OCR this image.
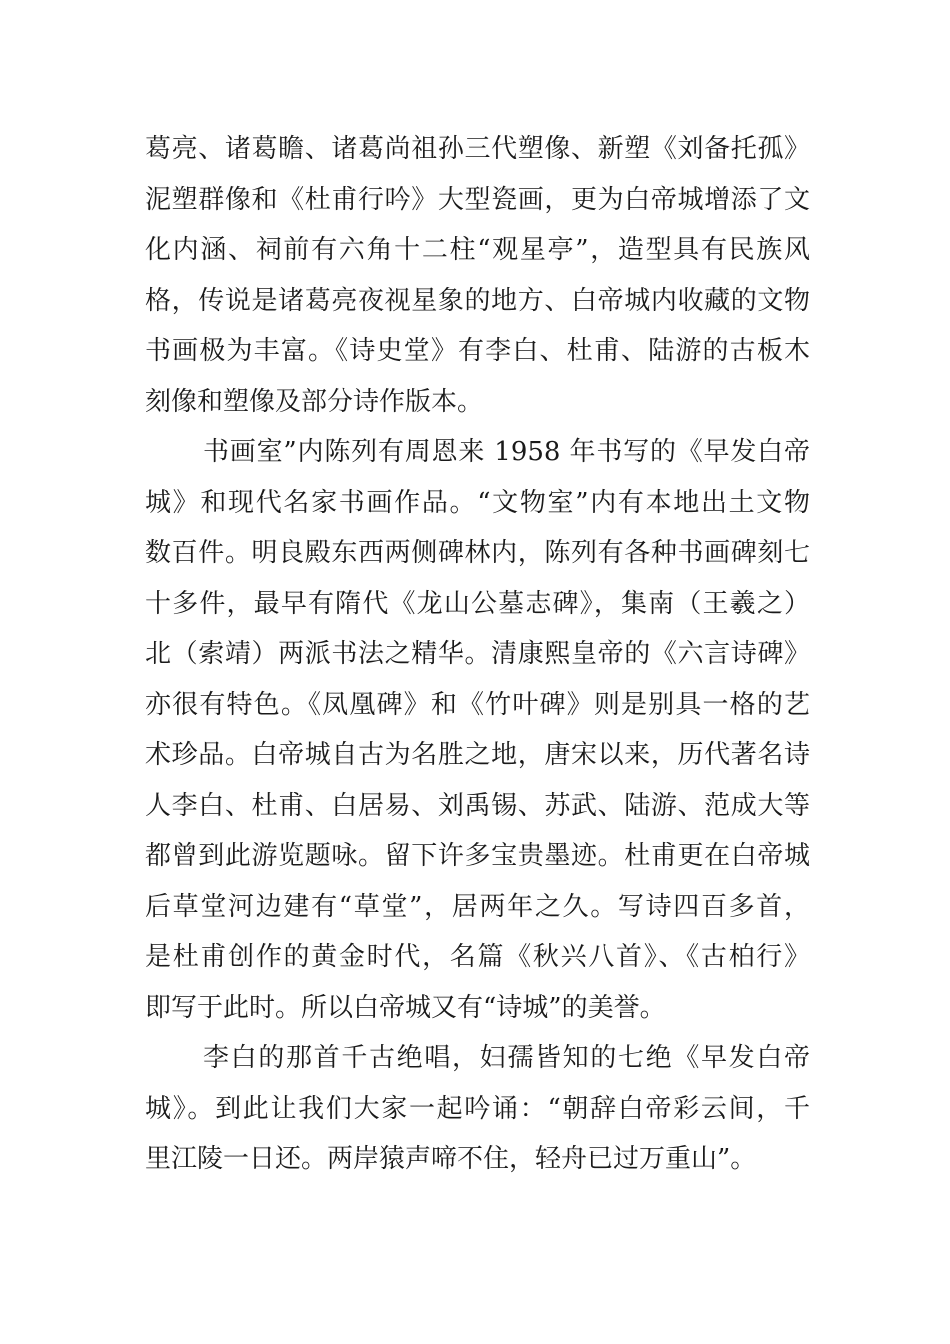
葛亮、诸葛瞻、诸葛尚祖孙三代塑像、新塑《刘备托孤》
泥塑群像和《杜甫行吟》大型瓷画，更为白帝城增添了文
化内涵、祠前有六角十二柱“观星亭”，造型具有民族风
格，传说是诸葛亮夜视星象的地方、白帝城内收藏的文物
书画极为丰富。《诗史堂》有李白、杜甫、陆游的古板木
刻像和塑像及部分诗作版本。
书画室”内陈列有周恩来 1958 年书写的《早发白帝
城》和现代名家书画作品。“文物室”内有本地出土文物
数百件。明良殿东西两侧碑林内，陈列有各种书画碑刻七
十多件，最早有隋代《龙山公墓志碑》，集南（王羲之）
北（索靖）两派书法之精华。清康熙皇帝的《六言诗碑》
亦很有特色。《凤凰碑》和《竹叶碑》则是别具一格的艺
术珍品。白帝城自古为名胜之地，唐宋以来，历代著名诗
人李白、杜甫、白居易、刘禹锡、苏武、陆游、范成大等
都曾到此游览题咏。留下许多宝贵墨迹。杜甫更在白帝城
后草堂河边建有“草堂”，居两年之久。写诗四百多首，
是杜甫创作的黄金时代，名篇《秋兴八首》、《古柏行》
即写于此时。所以白帝城又有“诗城”的美誉。
李白的那首千古绝唱，妇孺皆知的七绝《早发白帝
城》。到此让我们大家一起吟诵：“朝辞白帝彩云间，千
里江陵一日还。两岸猿声啼不住，轻舟已过万重山”。
